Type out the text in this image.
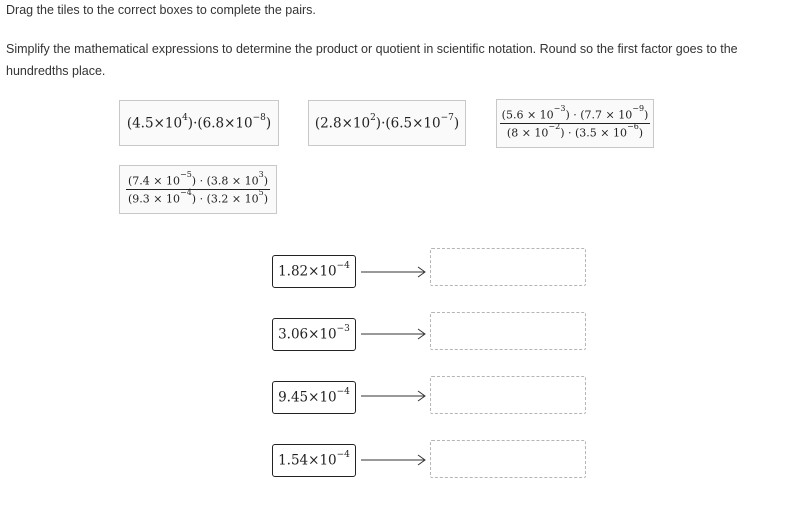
Drag the tiles to the correct boxes to complete the pairs.
Simplify the mathematical expressions to determine the product or quotient in scientific notation. Round so the first factor goes to the hundredths place.
$(4.5\times 10^4)\cdot(6.8\times 10^{-8})$	$(2.8\times 10^2)\cdot(6.5\times 10^{-7})$	$\frac{(5.6 \times 10^{-3}) \cdot (7.7 \times 10^{-9})}{(8 \times 10^{-2}) \cdot (3.5 \times 10^{-6})}$
$\frac{(7.4 \times 10^{-5}) \cdot (3.8 \times 10^3)}{(9.3 \times 10^{-4}) \cdot (3.2 \times 10^5)}$
$1.82\times 10^{-4}$
$3.06\times 10^{-3}$
$9.45\times 10^{-4}$
$1.54\times 10^{-4}$
